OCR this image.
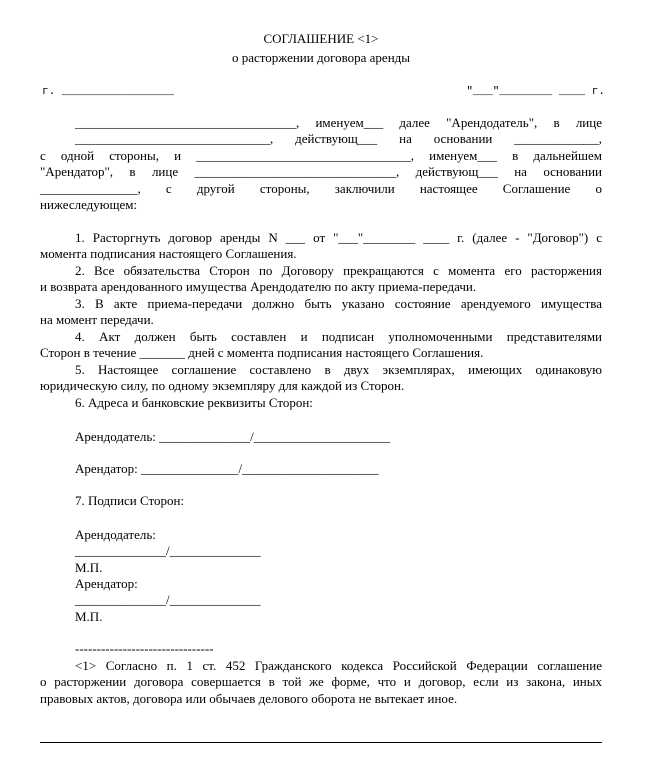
СОГЛАШЕНИЕ <1>
о расторжении договора аренды
г. _________________	"___"________ ____ г.
__________________________________, именуем___ далее "Арендодатель", в лице
______________________________, действующ___ на основании _____________,
с одной стороны, и _________________________________, именуем___ в дальнейшем
"Арендатор", в лице _______________________________, действующ___ на основании
_______________, с другой стороны, заключили настоящее Соглашение о
нижеследующем:
1. Расторгнуть договор аренды N ___ от "___"________ ____ г. (далее - "Договор") с
момента подписания настоящего Соглашения.
2. Все обязательства Сторон по Договору прекращаются с момента его расторжения
и возврата арендованного имущества Арендодателю по акту приема-передачи.
3. В акте приема-передачи должно быть указано состояние арендуемого имущества
на момент передачи.
4. Акт должен быть составлен и подписан уполномоченными представителями
Сторон в течение _______ дней с момента подписания настоящего Соглашения.
5. Настоящее соглашение составлено в двух экземплярах, имеющих одинаковую
юридическую силу, по одному экземпляру для каждой из Сторон.
6. Адреса и банковские реквизиты Сторон:
Арендодатель: ______________/_____________________
Арендатор: _______________/_____________________
7. Подписи Сторон:
Арендодатель:
______________/______________
М.П.
Арендатор:
______________/______________
М.П.
--------------------------------
<1> Согласно п. 1 ст. 452 Гражданского кодекса Российской Федерации соглашение
о расторжении договора совершается в той же форме, что и договор, если из закона, иных
правовых актов, договора или обычаев делового оборота не вытекает иное.
